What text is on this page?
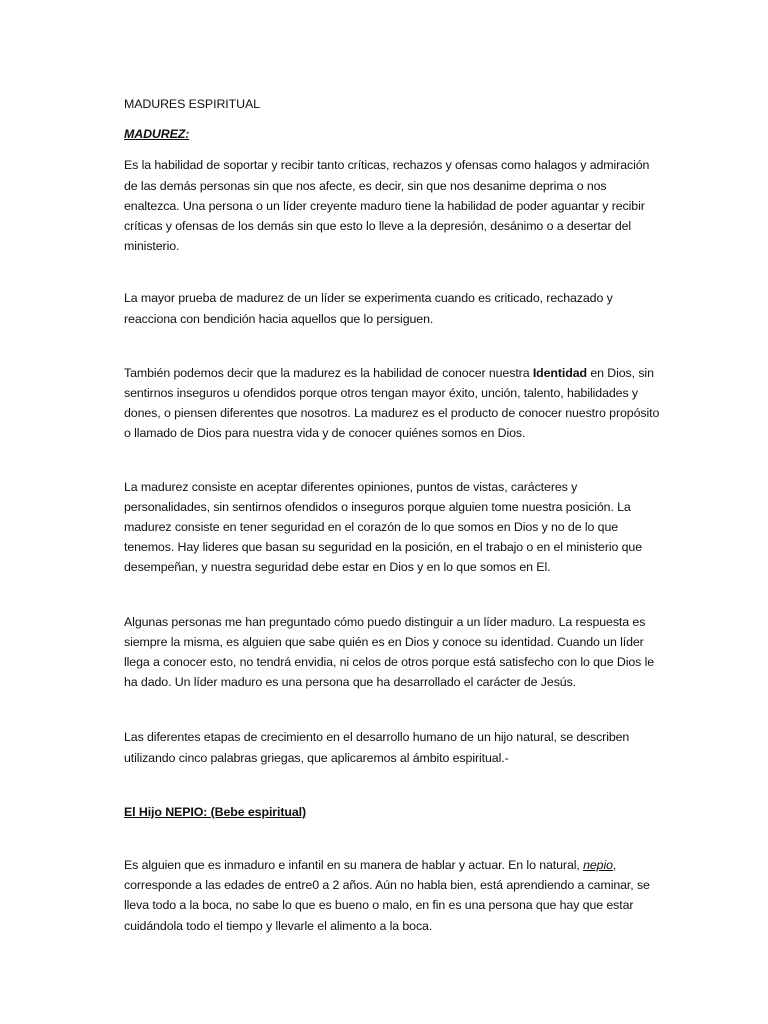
MADURES ESPIRITUAL

MADUREZ:

Es la habilidad de soportar y recibir tanto críticas, rechazos y ofensas como halagos y admiración de las demás personas sin que nos afecte, es decir, sin que nos desanime deprima o nos enaltezca. Una persona o un líder creyente maduro tiene la habilidad de poder aguantar y recibir críticas y ofensas de los demás sin que esto lo lleve a la depresión, desánimo o a desertar del ministerio.

La mayor prueba de madurez de un líder se experimenta cuando es criticado, rechazado y reacciona con bendición hacia aquellos que lo persiguen.

También podemos decir que la madurez es la habilidad de conocer nuestra Identidad en Dios, sin sentirnos inseguros u ofendidos porque otros tengan mayor éxito, unción, talento, habilidades y dones, o piensen diferentes que nosotros. La madurez es el producto de conocer nuestro propósito o llamado de Dios para nuestra vida y de conocer quiénes somos en Dios.

La madurez consiste en aceptar diferentes opiniones, puntos de vistas, carácteres y personalidades, sin sentirnos ofendidos o inseguros porque alguien tome nuestra posición. La madurez consiste en tener seguridad en el corazón de lo que somos en Dios y no de lo que tenemos. Hay lideres que basan su seguridad en la posición, en el trabajo o en el ministerio que desempeñan, y nuestra seguridad debe estar en Dios y en lo que somos en El.

Algunas personas me han preguntado cómo puedo distinguir a un líder maduro. La respuesta es siempre la misma, es alguien que sabe quién es en Dios y conoce su identidad. Cuando un líder llega a conocer esto, no tendrá envidia, ni celos de otros porque está satisfecho con lo que Dios le ha dado. Un líder maduro es una persona que ha desarrollado el carácter de Jesús.

Las diferentes etapas de crecimiento en el desarrollo humano de un hijo natural, se describen utilizando cinco palabras griegas, que aplicaremos al ámbito espiritual.-

El Hijo NEPIO: (Bebe espiritual)

Es alguien que es inmaduro e infantil en su manera de hablar y actuar. En lo natural, nepio, corresponde a las edades de entre0 a 2 años. Aún no habla bien, está aprendiendo a caminar, se lleva todo a la boca, no sabe lo que es bueno o malo, en fin es una persona que hay que estar cuidándola todo el tiempo y llevarle el alimento a la boca.
